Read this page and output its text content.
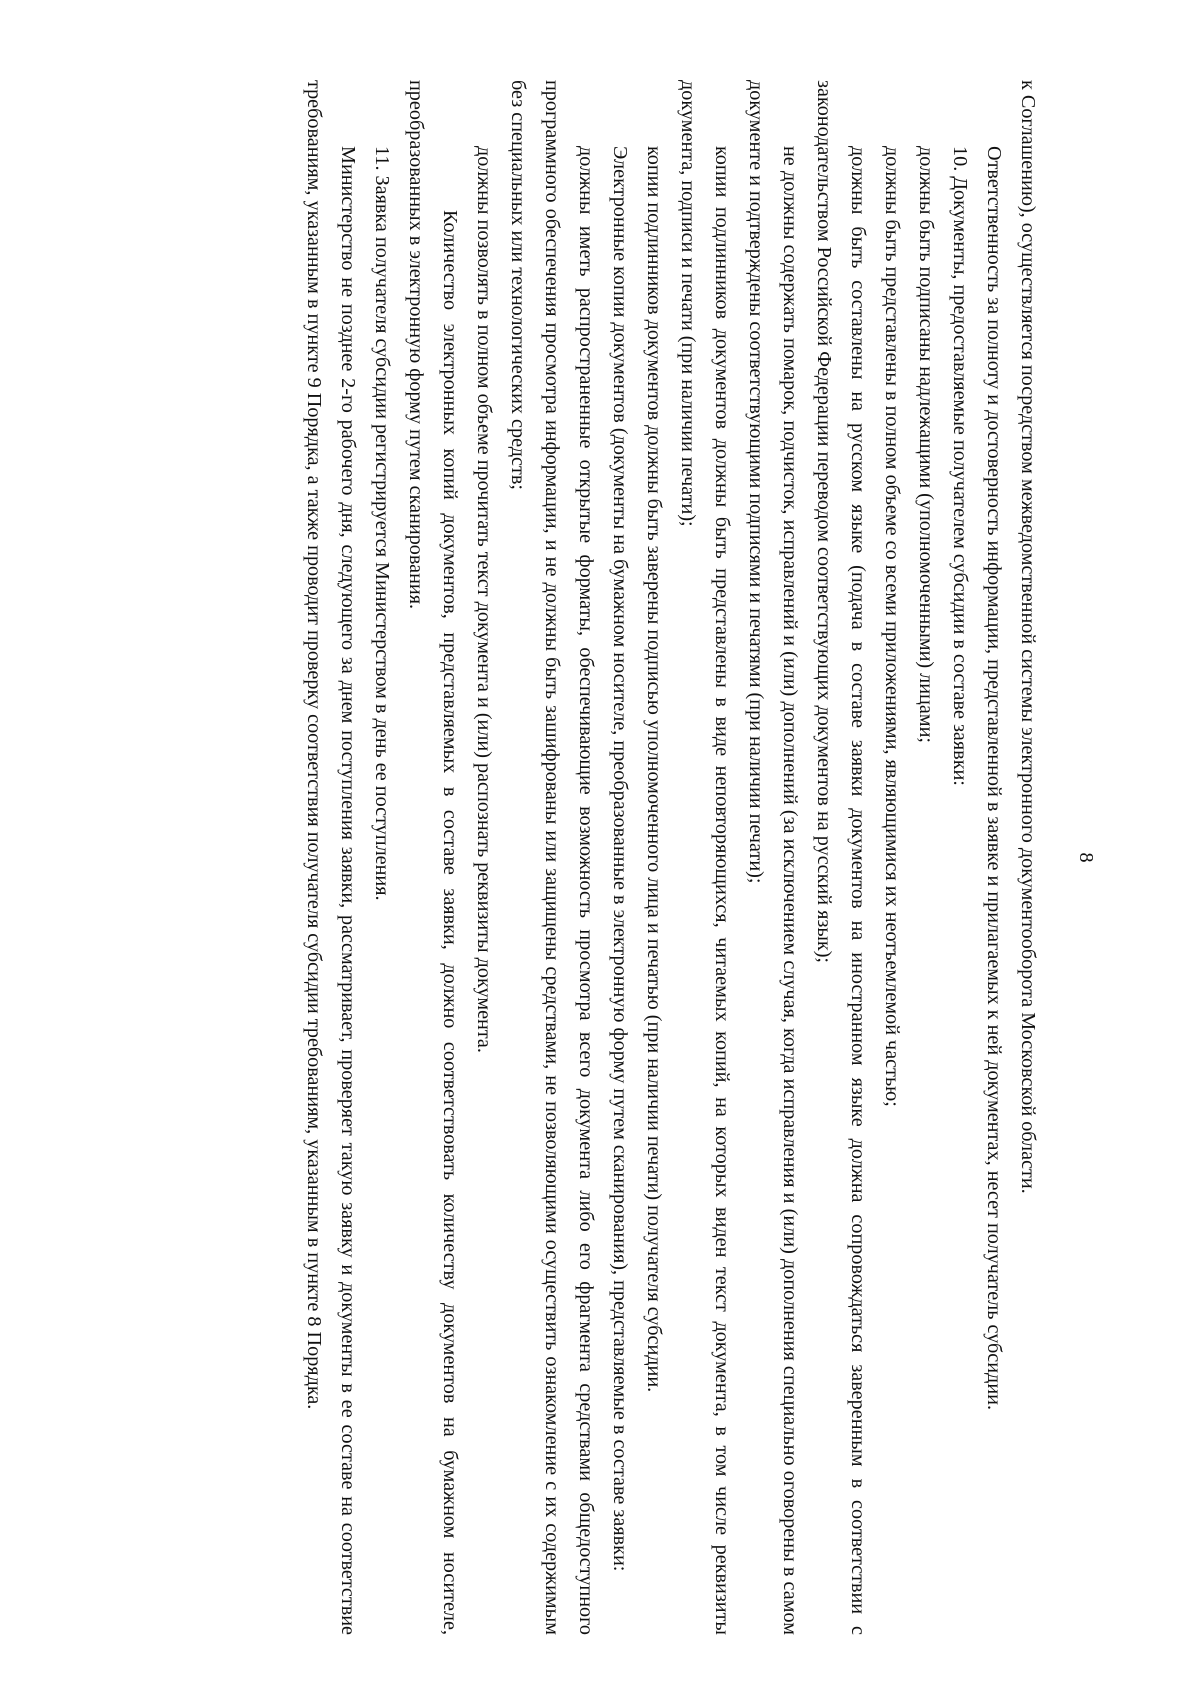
8

к Соглашению), осуществляется посредством межведомственной системы электронного документооборота Московской области.

Ответственность за полноту и достоверность информации, представленной в заявке и прилагаемых к ней документах, несет получатель субсидии.

10. Документы, предоставляемые получателем субсидии в составе заявки:

должны быть подписаны надлежащими (уполномоченными) лицами;

должны быть представлены в полном объеме со всеми приложениями, являющимися их неотъемлемой частью;

должны быть составлены на русском языке (подача в составе заявки документов на иностранном языке должна сопровождаться заверенным в соответствии с законодательством Российской Федерации переводом соответствующих документов на русский язык);

не должны содержать помарок, подчисток, исправлений и (или) дополнений (за исключением случая, когда исправления и (или) дополнения специально оговорены в самом документе и подтверждены соответствующими подписями и печатями (при наличии печати);

копии подлинников документов должны быть представлены в виде неповторяющихся, читаемых копий, на которых виден текст документа, в том числе реквизиты документа, подписи и печати (при наличии печати);

копии подлинников документов должны быть заверены подписью уполномоченного лица и печатью (при наличии печати) получателя субсидии.

Электронные копии документов (документы на бумажном носителе, преобразованные в электронную форму путем сканирования), представляемые в составе заявки:

должны иметь распространенные открытые форматы, обеспечивающие возможность просмотра всего документа либо его фрагмента средствами общедоступного программного обеспечения просмотра информации, и не должны быть зашифрованы или защищены средствами, не позволяющими осуществить ознакомление с их содержимым без специальных или технологических средств;

должны позволять в полном объеме прочитать текст документа и (или) распознать реквизиты документа.

Количество электронных копий документов, представляемых в составе заявки, должно соответствовать количеству документов на бумажном носителе, преобразованных в электронную форму путем сканирования.

11. Заявка получателя субсидии регистрируется Министерством в день ее поступления.

Министерство не позднее 2-го рабочего дня, следующего за днем поступления заявки, рассматривает, проверяет такую заявку и документы в ее составе на соответствие требованиям, указанным в пункте 9 Порядка, а также проводит проверку соответствия получателя субсидии требованиям, указанным в пункте 8 Порядка.
